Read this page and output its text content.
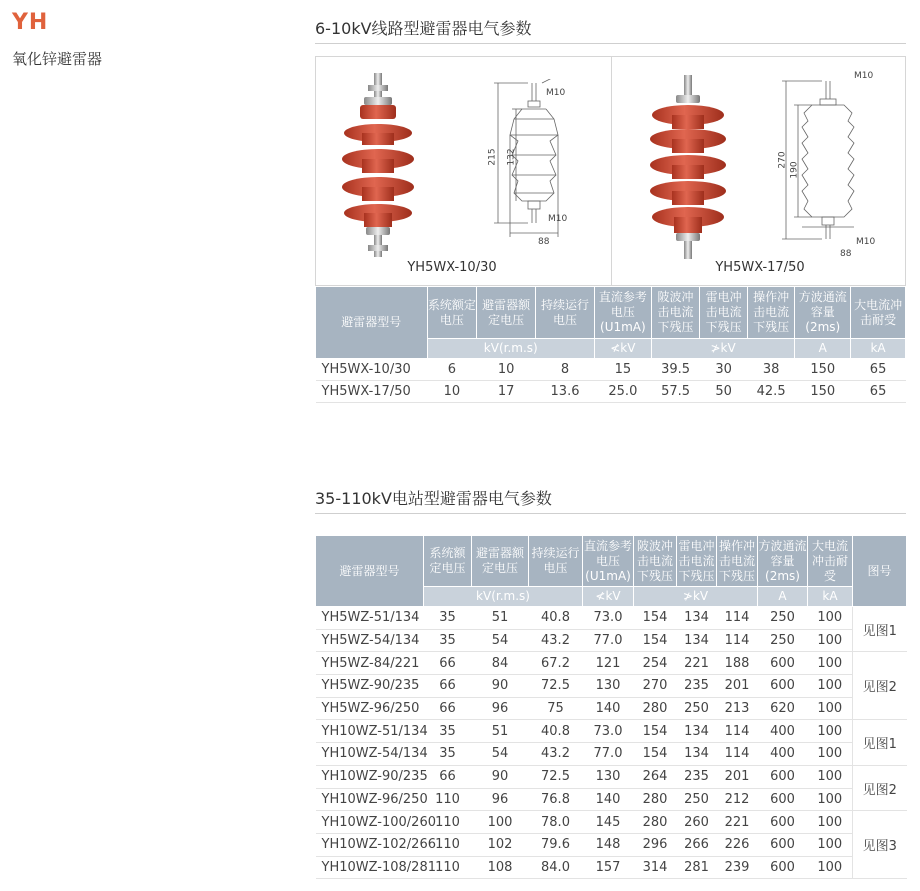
YH
氧化锌避雷器
6-10kV线路型避雷器电气参数
M10
215 132
M10
88
YH5WX-10/30
M10
270
190
M10
88
YH5WX-17/50
避雷器型号	系统额定电压	避雷器额定电压	持续运行电压	直流参考电压(U1mA)	陂波冲击电流下残压	雷电冲击电流下残压	操作冲击电流下残压	方波通流容量(2ms)	大电流冲击耐受
	kV(r.m.s)			≮kV	≯kV			A	kA
YH5WX-10/30	6	10	8	15	39.5	30	38	150	65
YH5WX-17/50	10	17	13.6	25.0	57.5	50	42.5	150	65
35-110kV电站型避雷器电气参数
避雷器型号	系统额定电压	避雷器额定电压	持续运行电压	直流参考电压(U1mA)	陂波冲击电流下残压	雷电冲击电流下残压	操作冲击电流下残压	方波通流容量(2ms)	大电流冲击耐受	图号
	kV(r.m.s)			≮kV	≯kV			A	kA	
YH5WZ-51/134	35	51	40.8	73.0	154	134	114	250	100	见图1
YH5WZ-54/134	35	54	43.2	77.0	154	134	114	250	100	
YH5WZ-84/221	66	84	67.2	121	254	221	188	600	100	见图2
YH5WZ-90/235	66	90	72.5	130	270	235	201	600	100	
YH5WZ-96/250	66	96	75	140	280	250	213	620	100	
YH10WZ-51/134	35	51	40.8	73.0	154	134	114	400	100	见图1
YH10WZ-54/134	35	54	43.2	77.0	154	134	114	400	100	
YH10WZ-90/235	66	90	72.5	130	264	235	201	600	100	见图2
YH10WZ-96/250	110	96	76.8	140	280	250	212	600	100	
YH10WZ-100/260	110	100	78.0	145	280	260	221	600	100	见图3
YH10WZ-102/266	110	102	79.6	148	296	266	226	600	100	
YH10WZ-108/281	110	108	84.0	157	314	281	239	600	100	
